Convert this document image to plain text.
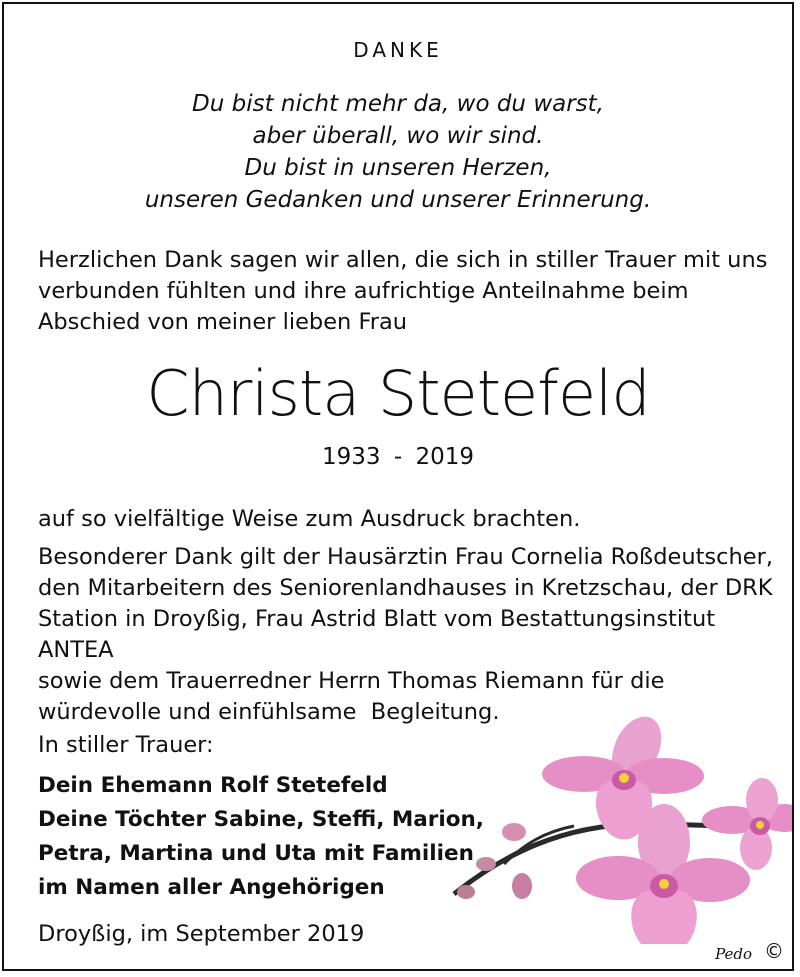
DANKE
Du bist nicht mehr da, wo du warst,
aber überall, wo wir sind.
Du bist in unseren Herzen,
unseren Gedanken und unserer Erinnerung.
Herzlichen Dank sagen wir allen, die sich in stiller Trauer mit uns
verbunden fühlten und ihre aufrichtige Anteilnahme beim
Abschied von meiner lieben Frau
Christa Stetefeld
1933 - 2019
auf so vielfältige Weise zum Ausdruck brachten.
Besonderer Dank gilt der Hausärztin Frau Cornelia Roßdeutscher,
den Mitarbeitern des Seniorenlandhauses in Kretzschau, der DRK
Station in Droyßig, Frau Astrid Blatt vom Bestattungsinstitut ANTEA
sowie dem Trauerredner Herrn Thomas Riemann für die
würdevolle und einfühlsame  Begleitung.
In stiller Trauer:
Dein Ehemann Rolf Stetefeld
Deine Töchter Sabine, Steffi, Marion,
Petra, Martina und Uta mit Familien
im Namen aller Angehörigen
Droyßig, im September 2019
Pedo ©
